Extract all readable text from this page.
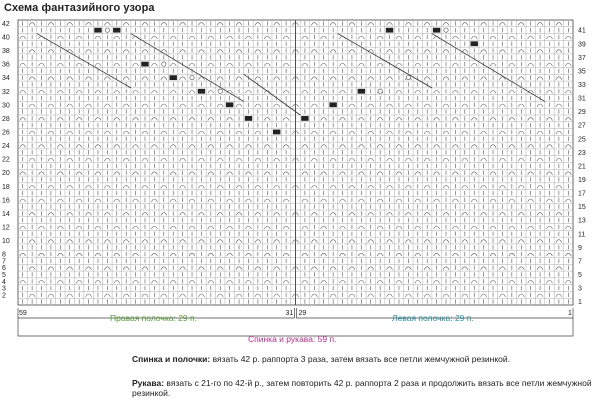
Схема фантазийного узора
42
40
38
36
34
32
30
28
26
24
22
20
18
16
14
12
10
8
7
6
5
4
3
2
41
39
37
35
33
31
29
27
25
23
21
19
17
15
13
11
9
7
5
3
1
59	31 29	1
Правая полочка: 29 п.	Левая полочка: 29 п.
Спинка и рукава: 59 п.
Спинка и полочки: вязать 42 р. раппорта 3 раза, затем вязать все петли жемчужной резинкой.
Рукава: вязать с 21-го по 42-й р., затем повторить 42 р. раппорта 2 раза и продолжить вязать все петли жемчужной резинкой.
